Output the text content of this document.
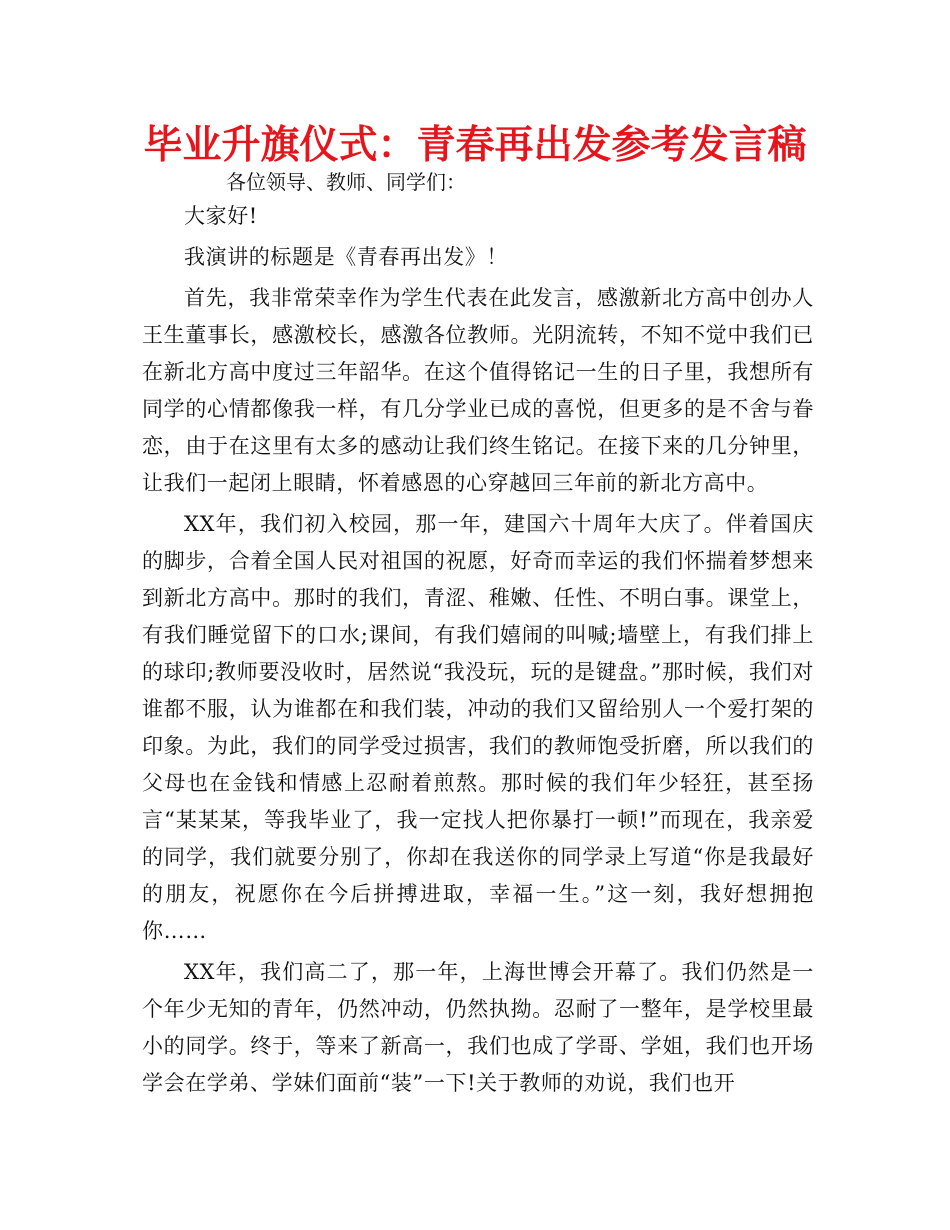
毕业升旗仪式：青春再出发参考发言稿

各位领导、教师、同学们：

大家好!

我演讲的标题是《青春再出发》！

首先，我非常荣幸作为学生代表在此发言，感激新北方高中创办人王生董事长，感激校长，感激各位教师。光阴流转，不知不觉中我们已在新北方高中度过三年韶华。在这个值得铭记一生的日子里，我想所有同学的心情都像我一样，有几分学业已成的喜悦，但更多的是不舍与眷恋，由于在这里有太多的感动让我们终生铭记。在接下来的几分钟里，让我们一起闭上眼睛，怀着感恩的心穿越回三年前的新北方高中。

XX年，我们初入校园，那一年，建国六十周年大庆了。伴着国庆的脚步，合着全国人民对祖国的祝愿，好奇而幸运的我们怀揣着梦想来到新北方高中。那时的我们，青涩、稚嫩、任性、不明白事。课堂上，有我们睡觉留下的口水;课间，有我们嬉闹的叫喊;墙壁上，有我们排上的球印;教师要没收时，居然说“我没玩，玩的是键盘。”那时候，我们对谁都不服，认为谁都在和我们装，冲动的我们又留给别人一个爱打架的印象。为此，我们的同学受过损害，我们的教师饱受折磨，所以我们的父母也在金钱和情感上忍耐着煎熬。那时候的我们年少轻狂，甚至扬言“某某某，等我毕业了，我一定找人把你暴打一顿!”而现在，我亲爱的同学，我们就要分别了，你却在我送你的同学录上写道“你是我最好的朋友，祝愿你在今后拼搏进取，幸福一生。”这一刻，我好想拥抱你……

XX年，我们高二了，那一年，上海世博会开幕了。我们仍然是一个年少无知的青年，仍然冲动，仍然执拗。忍耐了一整年，是学校里最小的同学。终于，等来了新高一，我们也成了学哥、学姐，我们也开场学会在学弟、学妹们面前“装”一下!关于教师的劝说，我们也开
